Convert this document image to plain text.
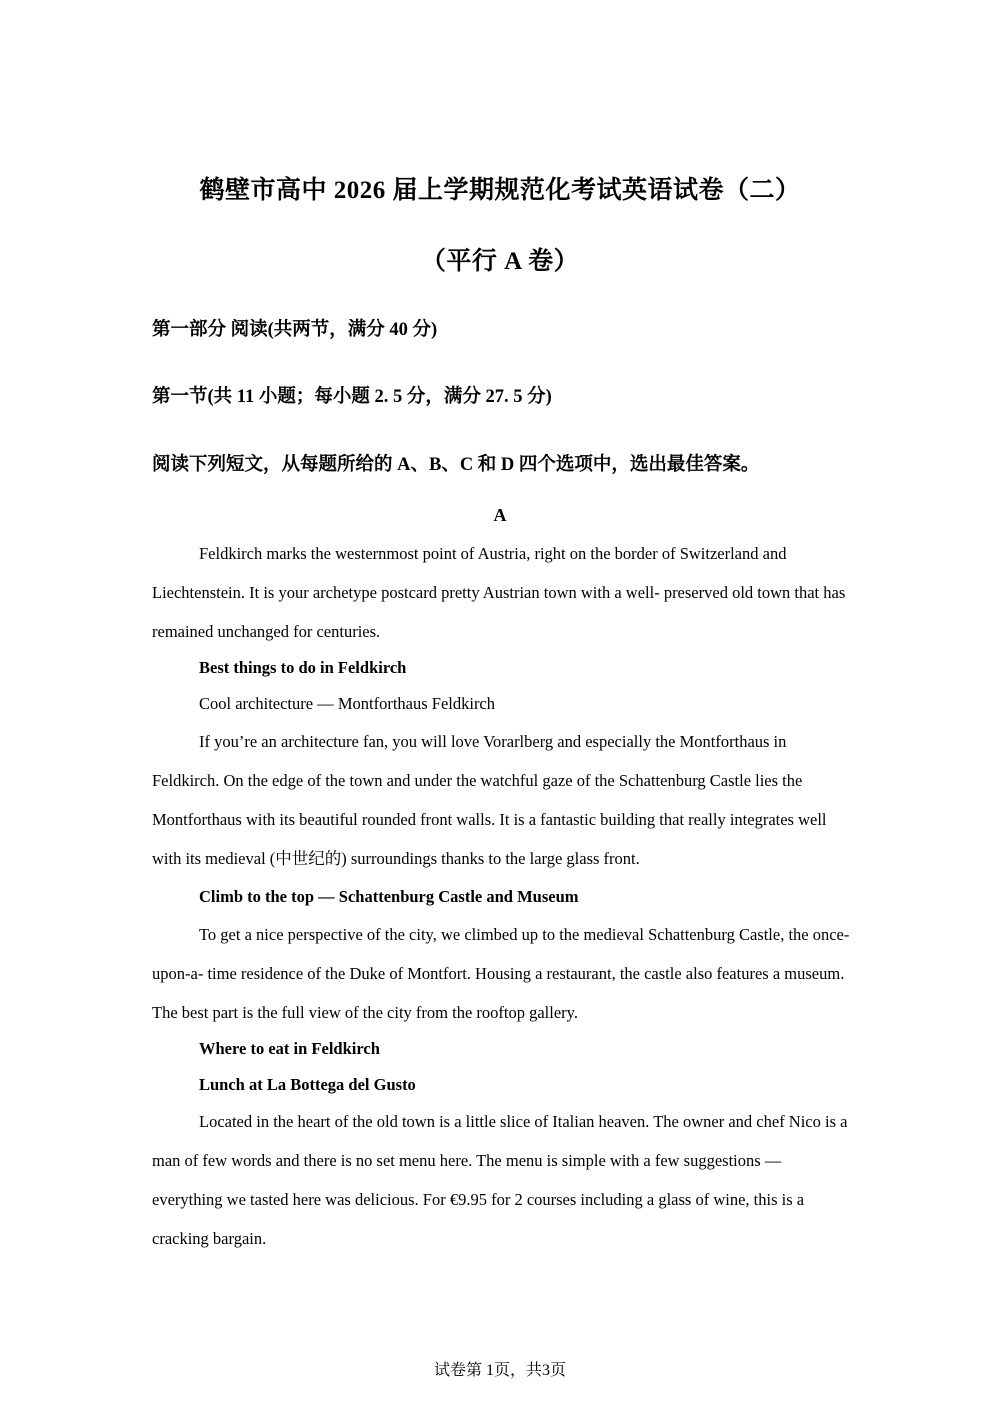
鹤壁市高中 2026 届上学期规范化考试英语试卷（二）
（平行 A 卷）
第一部分 阅读(共两节，满分 40 分)
第一节(共 11 小题；每小题 2. 5 分，满分 27. 5 分)
阅读下列短文，从每题所给的 A、B、C 和 D 四个选项中，选出最佳答案。
A

Feldkirch marks the westernmost point of Austria, right on the border of Switzerland and Liechtenstein. It is your archetype postcard pretty Austrian town with a well- preserved old town that has remained unchanged for centuries.

Best things to do in Feldkirch

Cool architecture — Montforthaus Feldkirch

If you’re an architecture fan, you will love Vorarlberg and especially the Montforthaus in Feldkirch. On the edge of the town and under the watchful gaze of the Schattenburg Castle lies the Montforthaus with its beautiful rounded front walls. It is a fantastic building that really integrates well with its medieval (中世纪的) surroundings thanks to the large glass front.

Climb to the top — Schattenburg Castle and Museum

To get a nice perspective of the city, we climbed up to the medieval Schattenburg Castle, the once- upon-a- time residence of the Duke of Montfort. Housing a restaurant, the castle also features a museum. The best part is the full view of the city from the rooftop gallery.

Where to eat in Feldkirch

Lunch at La Bottega del Gusto

Located in the heart of the old town is a little slice of Italian heaven. The owner and chef Nico is a man of few words and there is no set menu here. The menu is simple with a few suggestions — everything we tasted here was delicious. For €9.95 for 2 courses including a glass of wine, this is a cracking bargain.

试卷第 1页，共3页
